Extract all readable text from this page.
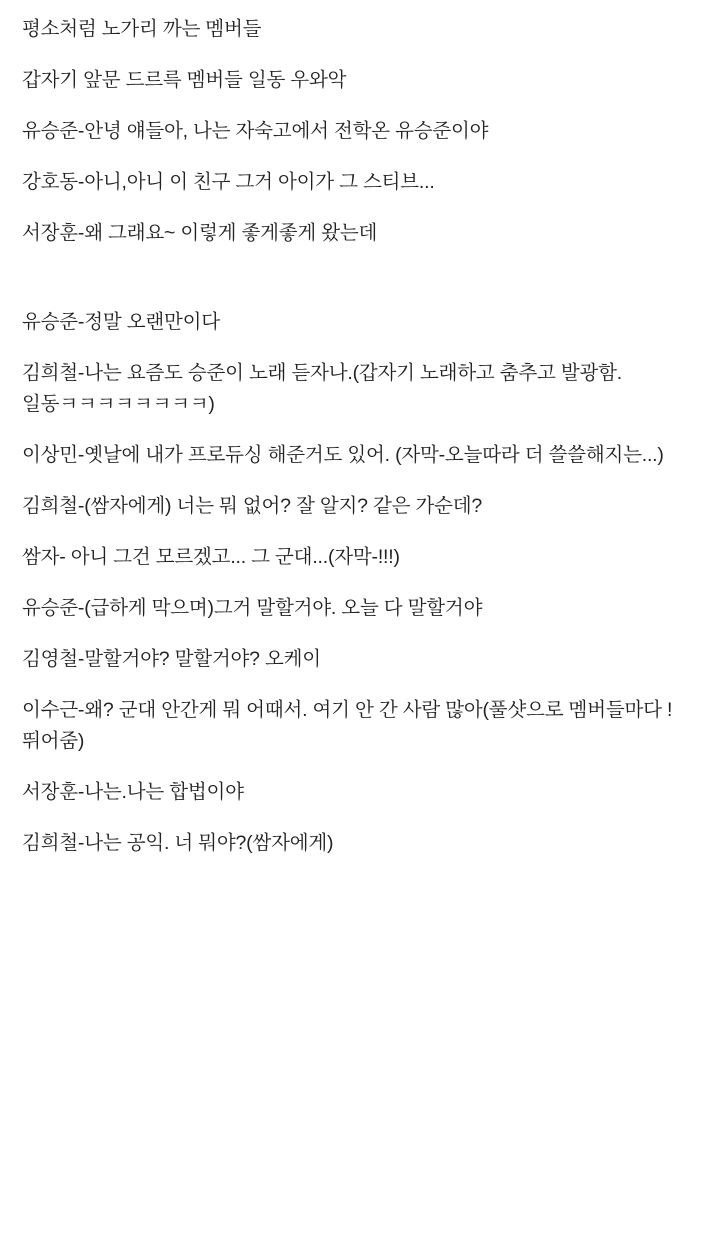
평소처럼 노가리 까는 멤버들

갑자기 앞문 드르륵 멤버들 일동 우와악

유승준-안녕 얘들아, 나는 자숙고에서 전학온 유승준이야

강호동-아니,아니 이 친구 그거 아이가 그 스티브...

서장훈-왜 그래요~ 이렇게 좋게좋게 왔는데

유승준-정말 오랜만이다

김희철-나는 요즘도 승준이 노래 듣자나.(갑자기 노래하고 춤추고 발광함. 일동ㅋㅋㅋㅋㅋㅋㅋㅋ)

이상민-옛날에 내가 프로듀싱 해준거도 있어. (자막-오늘따라 더 쓸쓸해지는...)

김희철-(쌈자에게) 너는 뭐 없어? 잘 알지? 같은 가순데?

쌈자- 아니 그건 모르겠고... 그 군대...(자막-!!!)

유승준-(급하게 막으며)그거 말할거야. 오늘 다 말할거야

김영철-말할거야? 말할거야? 오케이

이수근-왜? 군대 안간게 뭐 어때서. 여기 안 간 사람 많아(풀샷으로 멤버들마다 !뛰어줌)

서장훈-나는.나는 합법이야

김희철-나는 공익. 너 뭐야?(쌈자에게)
